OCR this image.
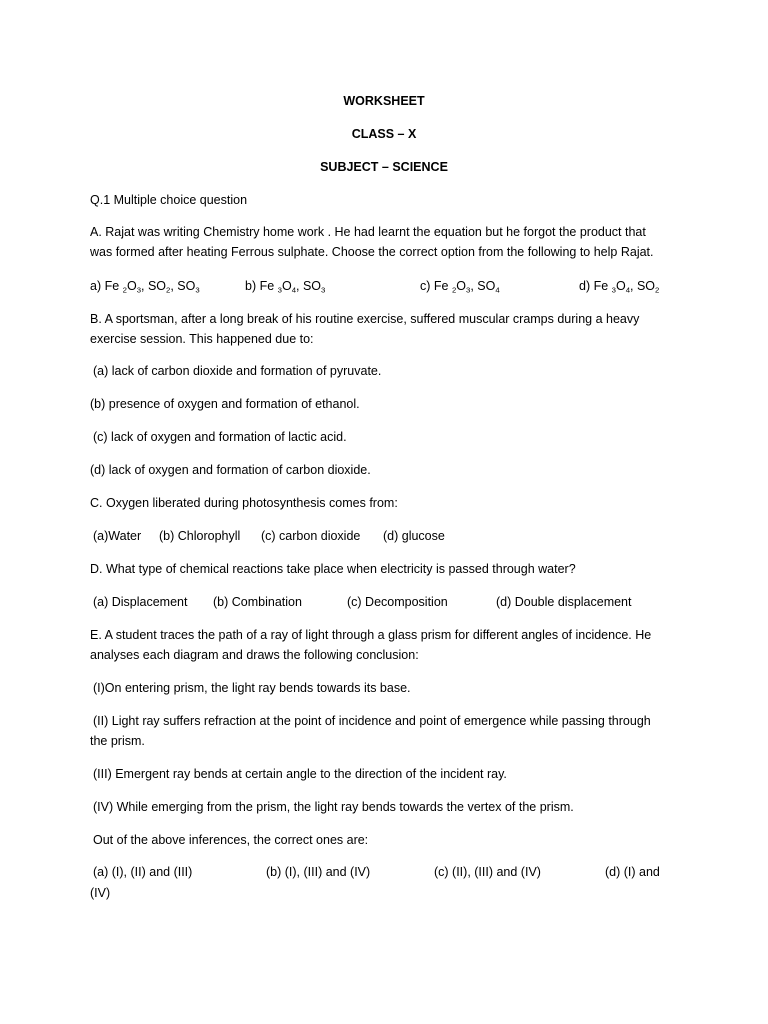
WORKSHEET
CLASS – X
SUBJECT – SCIENCE
Q.1 Multiple choice question
A. Rajat was writing Chemistry home work . He had learnt the equation but he forgot the product that
was formed after heating Ferrous sulphate. Choose the correct option from the following to help Rajat.
a) Fe $_2O_3$, $SO_2$, $SO_3$	b) Fe $_3O_4$, $SO_3$	c) Fe $_2O_3$, $SO_4$	d) Fe $_3O_4$, $SO_2$
B. A sportsman, after a long break of his routine exercise, suffered muscular cramps during a heavy
exercise session. This happened due to:
(a) lack of carbon dioxide and formation of pyruvate.
(b) presence of oxygen and formation of ethanol.
(c) lack of oxygen and formation of lactic acid.
(d) lack of oxygen and formation of carbon dioxide.
C. Oxygen liberated during photosynthesis comes from:
(a)Water (b) Chlorophyll (c) carbon dioxide (d) glucose
D. What type of chemical reactions take place when electricity is passed through water?
(a) Displacement (b) Combination	(c) Decomposition	(d) Double displacement
E. A student traces the path of a ray of light through a glass prism for different angles of incidence. He
analyses each diagram and draws the following conclusion:
(I)On entering prism, the light ray bends towards its base.
(II) Light ray suffers refraction at the point of incidence and point of emergence while passing through
the prism.
(III) Emergent ray bends at certain angle to the direction of the incident ray.
(IV) While emerging from the prism, the light ray bends towards the vertex of the prism.
Out of the above inferences, the correct ones are:
(a) (I), (II) and (III)	(b) (I), (III) and (IV)	(c) (II), (III) and (IV)	(d) (I) and
(IV)
